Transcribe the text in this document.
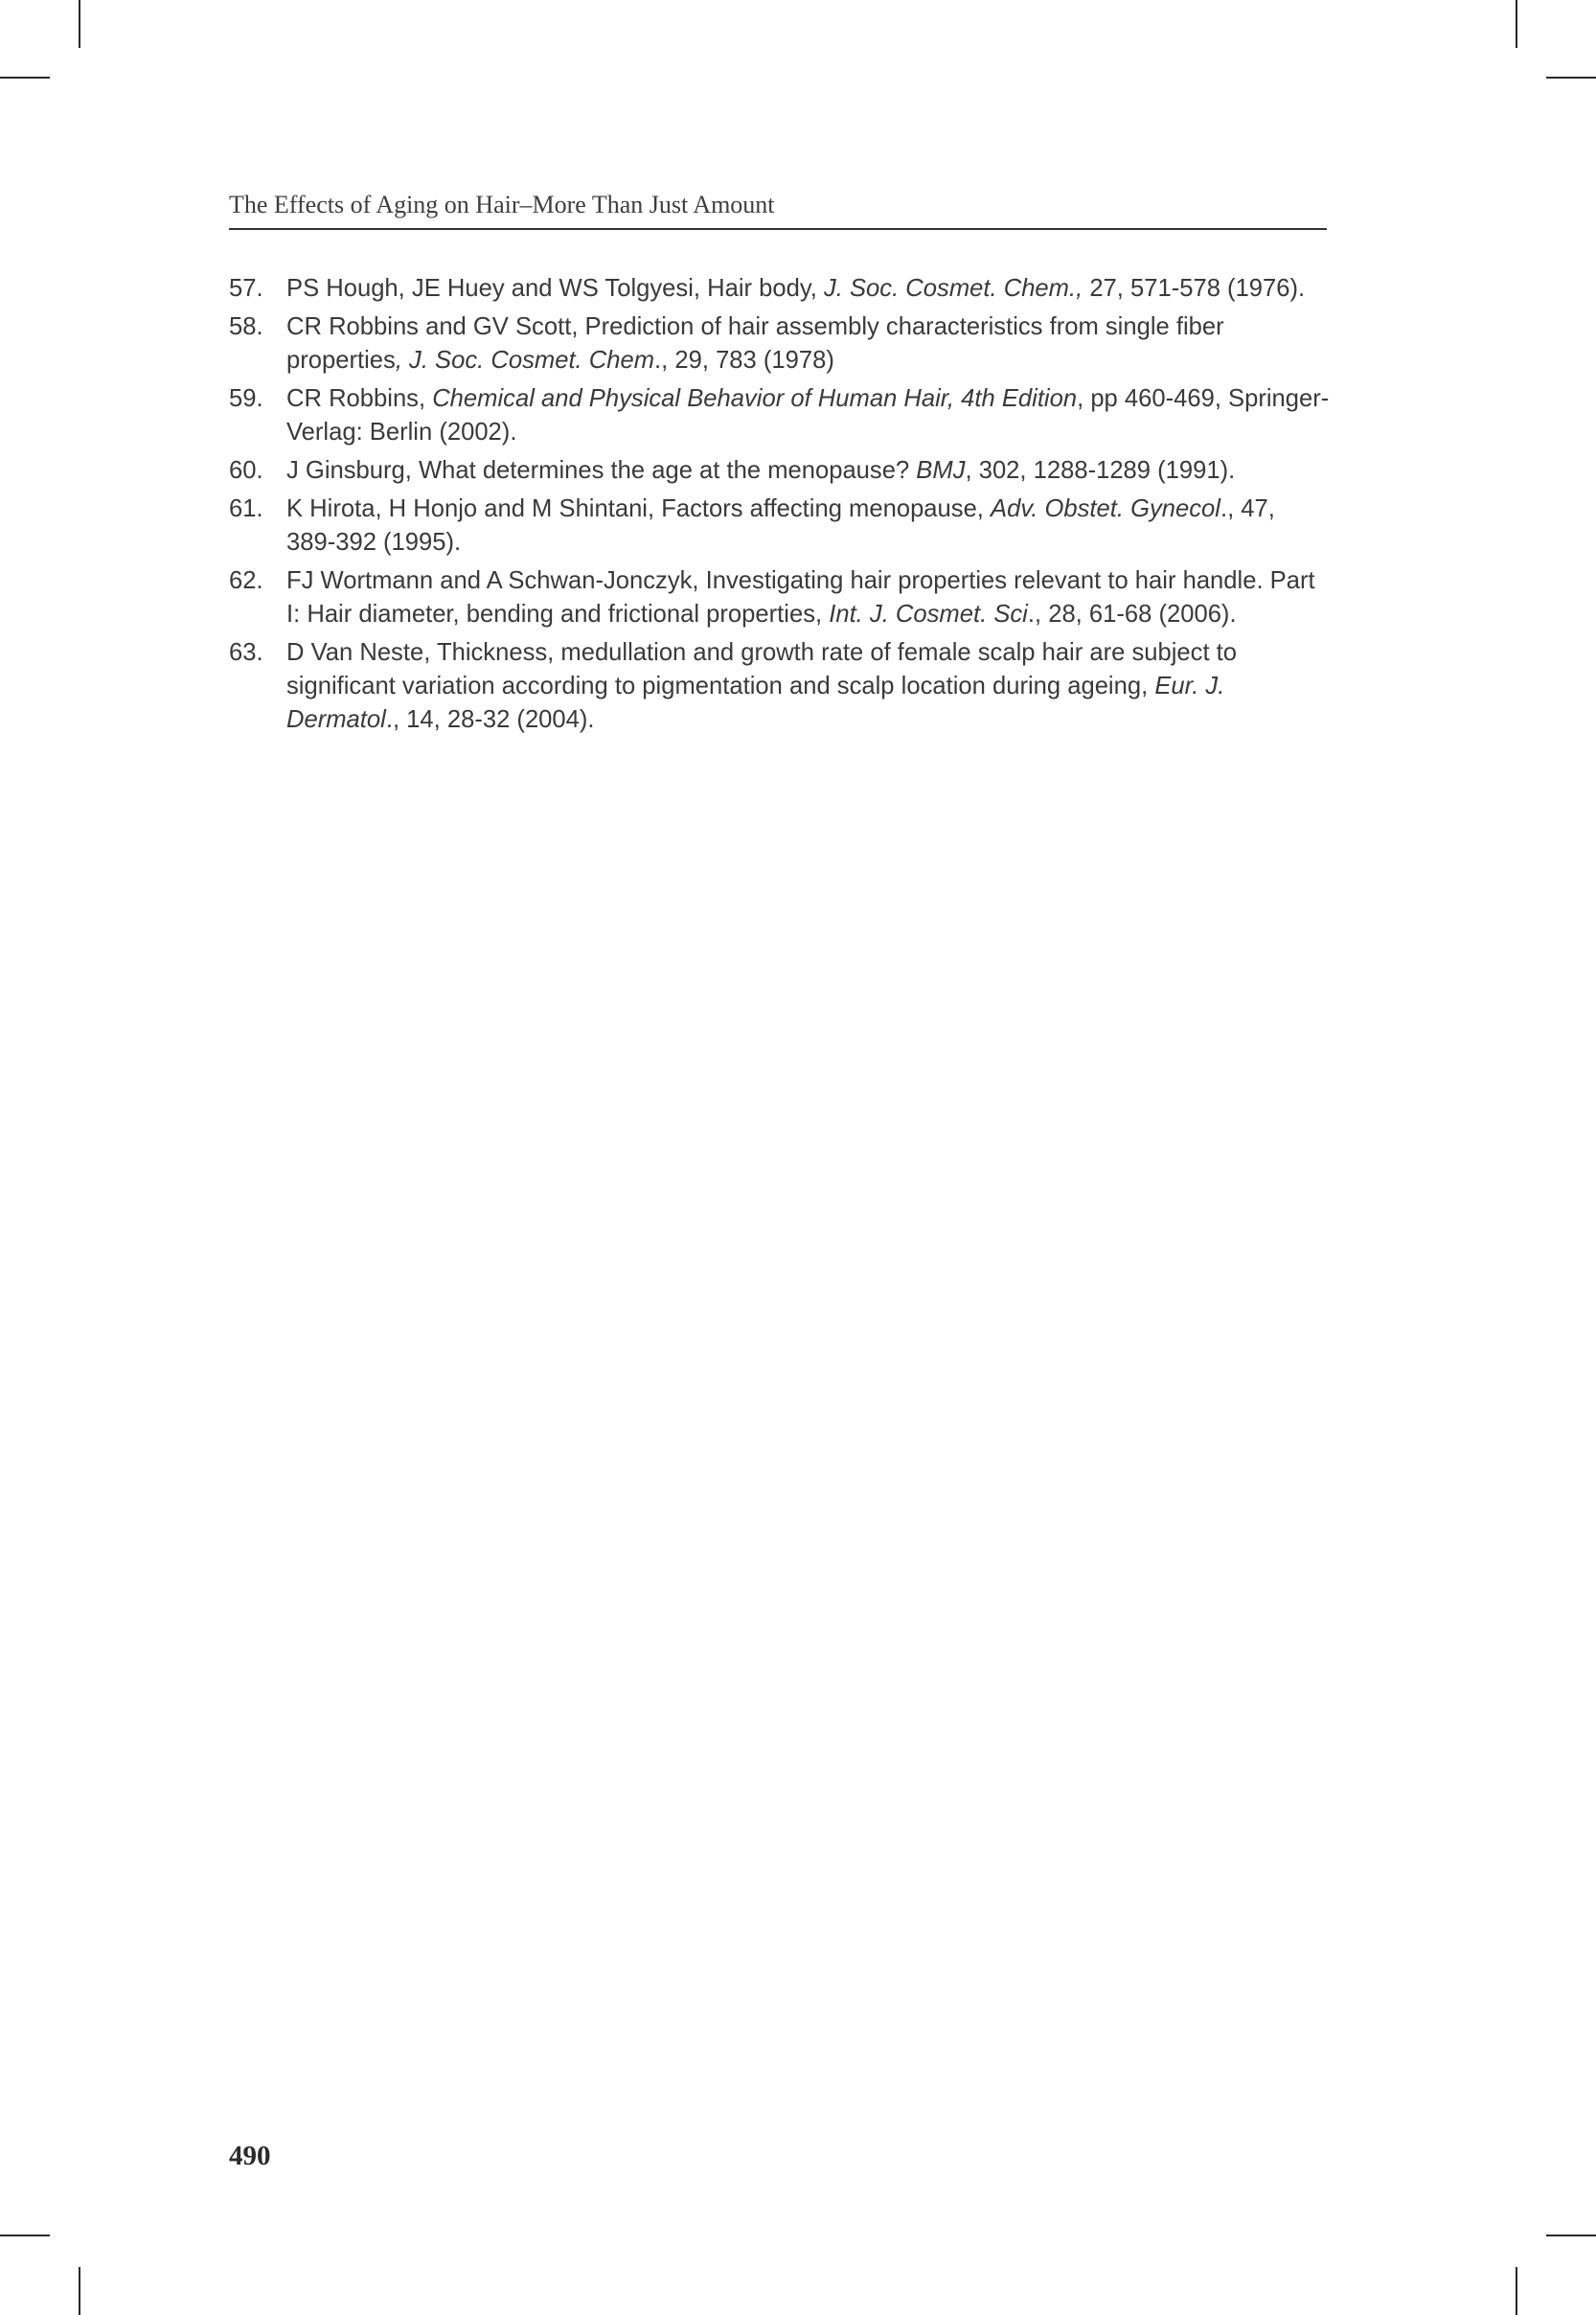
The Effects of Aging on Hair–More Than Just Amount
57. PS Hough, JE Huey and WS Tolgyesi, Hair body, J. Soc. Cosmet. Chem., 27, 571-578 (1976).
58. CR Robbins and GV Scott, Prediction of hair assembly characteristics from single fiber properties, J. Soc. Cosmet. Chem., 29, 783 (1978)
59. CR Robbins, Chemical and Physical Behavior of Human Hair, 4th Edition, pp 460-469, Springer-Verlag: Berlin (2002).
60. J Ginsburg, What determines the age at the menopause? BMJ, 302, 1288-1289 (1991).
61. K Hirota, H Honjo and M Shintani, Factors affecting menopause, Adv. Obstet. Gynecol., 47, 389-392 (1995).
62. FJ Wortmann and A Schwan-Jonczyk, Investigating hair properties relevant to hair handle. Part I: Hair diameter, bending and frictional properties, Int. J. Cosmet. Sci., 28, 61-68 (2006).
63. D Van Neste, Thickness, medullation and growth rate of female scalp hair are subject to significant variation according to pigmentation and scalp location during ageing, Eur. J. Dermatol., 14, 28-32 (2004).
490
